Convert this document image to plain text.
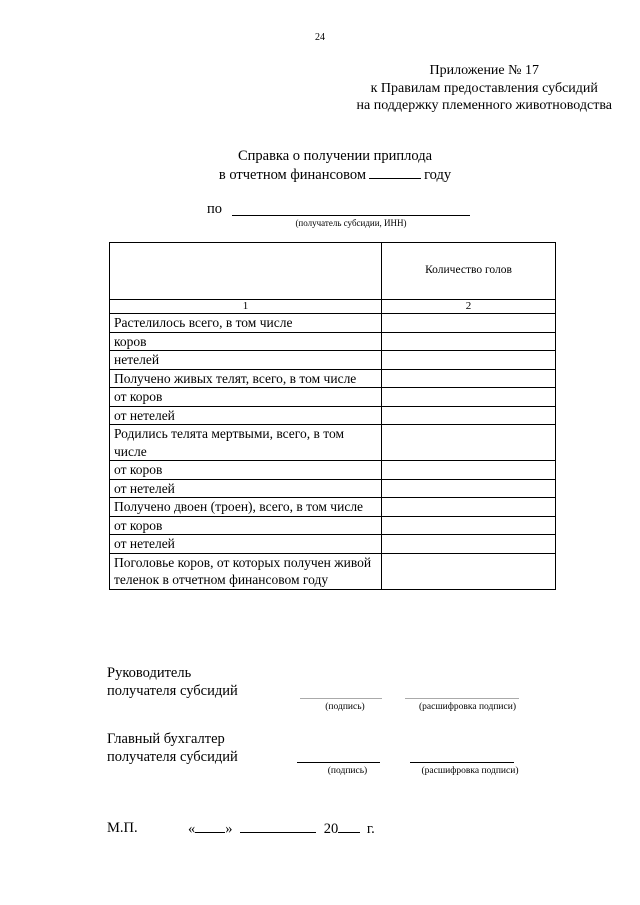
24
Приложение № 17
к Правилам предоставления субсидий
на поддержку племенного животноводства
Справка о получении приплода
в отчетном финансовом	году
по
(получатель субсидии, ИНН)
	Количество голов
1	2
Растелилось всего, в том числе	
коров	
нетелей	
Получено живых телят, всего, в том числе	
от коров	
от нетелей	
Родились телята мертвыми, всего, в том числе	
от коров	
от нетелей	
Получено двоен (троен), всего, в том числе	
от коров	
от нетелей	
Поголовье коров, от которых получен живой теленок в отчетном финансовом году	
Руководитель
получателя субсидий
(подпись)	(расшифровка подписи)
Главный бухгалтер
получателя субсидий
(подпись)	(расшифровка подписи)
М.П.	« »	20 г.
